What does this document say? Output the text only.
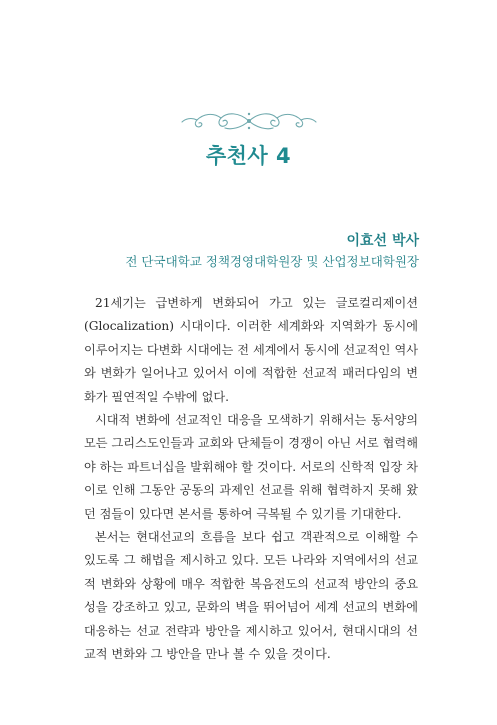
추천사 4
이효선 박사
전 단국대학교 정책경영대학원장 및 산업정보대학원장

21세기는 급변하게 변화되어 가고 있는 글로컬리제이션(Glocalization) 시대이다. 이러한 세계화와 지역화가 동시에 이루어지는 다변화 시대에는 전 세계에서 동시에 선교적인 역사와 변화가 일어나고 있어서 이에 적합한 선교적 패러다임의 변화가 필연적일 수밖에 없다.

시대적 변화에 선교적인 대응을 모색하기 위해서는 동서양의 모든 그리스도인들과 교회와 단체들이 경쟁이 아닌 서로 협력해야 하는 파트너십을 발휘해야 할 것이다. 서로의 신학적 입장 차이로 인해 그동안 공동의 과제인 선교를 위해 협력하지 못해 왔던 점들이 있다면 본서를 통하여 극복될 수 있기를 기대한다.

본서는 현대선교의 흐름을 보다 쉽고 객관적으로 이해할 수 있도록 그 해법을 제시하고 있다. 모든 나라와 지역에서의 선교적 변화와 상황에 매우 적합한 복음전도의 선교적 방안의 중요성을 강조하고 있고, 문화의 벽을 뛰어넘어 세계 선교의 변화에 대응하는 선교 전략과 방안을 제시하고 있어서, 현대시대의 선교적 변화와 그 방안을 만나 볼 수 있을 것이다.
